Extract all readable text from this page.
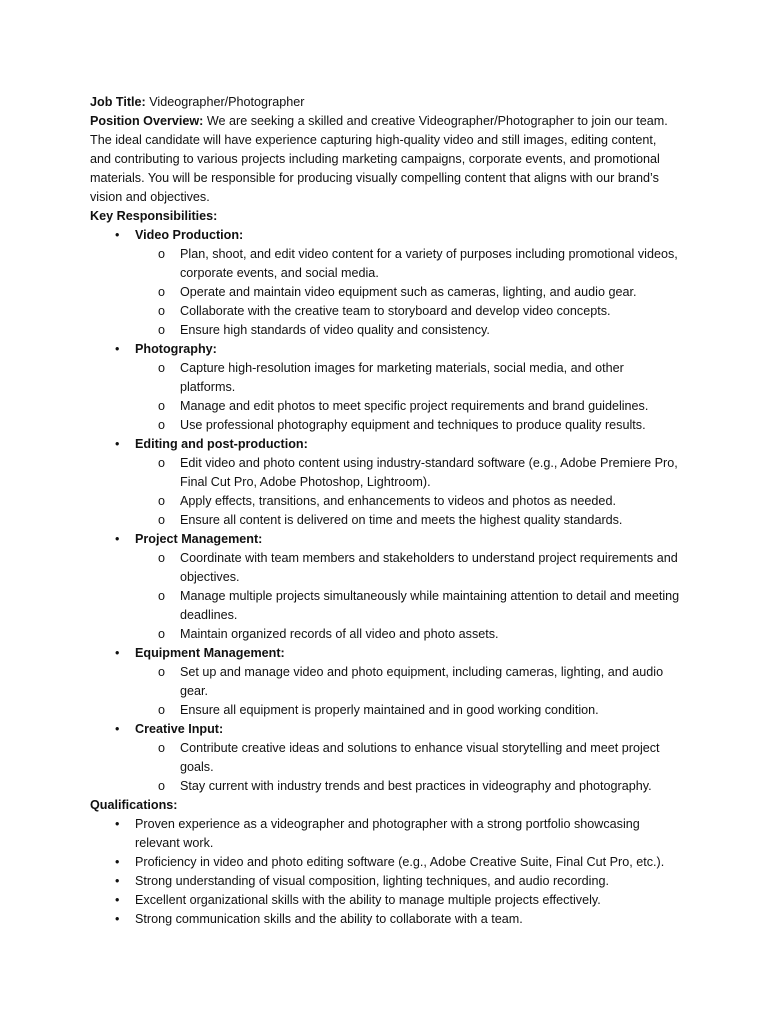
Job Title: Videographer/Photographer

Position Overview: We are seeking a skilled and creative Videographer/Photographer to join our team. The ideal candidate will have experience capturing high-quality video and still images, editing content, and contributing to various projects including marketing campaigns, corporate events, and promotional materials. You will be responsible for producing visually compelling content that aligns with our brand’s vision and objectives.

Key Responsibilities:

• Video Production:
o Plan, shoot, and edit video content for a variety of purposes including promotional videos, corporate events, and social media.
o Operate and maintain video equipment such as cameras, lighting, and audio gear.
o Collaborate with the creative team to storyboard and develop video concepts.
o Ensure high standards of video quality and consistency.
• Photography:
o Capture high-resolution images for marketing materials, social media, and other platforms.
o Manage and edit photos to meet specific project requirements and brand guidelines.
o Use professional photography equipment and techniques to produce quality results.
• Editing and post-production:
o Edit video and photo content using industry-standard software (e.g., Adobe Premiere Pro, Final Cut Pro, Adobe Photoshop, Lightroom).
o Apply effects, transitions, and enhancements to videos and photos as needed.
o Ensure all content is delivered on time and meets the highest quality standards.
• Project Management:
o Coordinate with team members and stakeholders to understand project requirements and objectives.
o Manage multiple projects simultaneously while maintaining attention to detail and meeting deadlines.
o Maintain organized records of all video and photo assets.
• Equipment Management:
o Set up and manage video and photo equipment, including cameras, lighting, and audio gear.
o Ensure all equipment is properly maintained and in good working condition.
• Creative Input:
o Contribute creative ideas and solutions to enhance visual storytelling and meet project goals.
o Stay current with industry trends and best practices in videography and photography.

Qualifications:

• Proven experience as a videographer and photographer with a strong portfolio showcasing relevant work.
• Proficiency in video and photo editing software (e.g., Adobe Creative Suite, Final Cut Pro, etc.).
• Strong understanding of visual composition, lighting techniques, and audio recording.
• Excellent organizational skills with the ability to manage multiple projects effectively.
• Strong communication skills and the ability to collaborate with a team.
